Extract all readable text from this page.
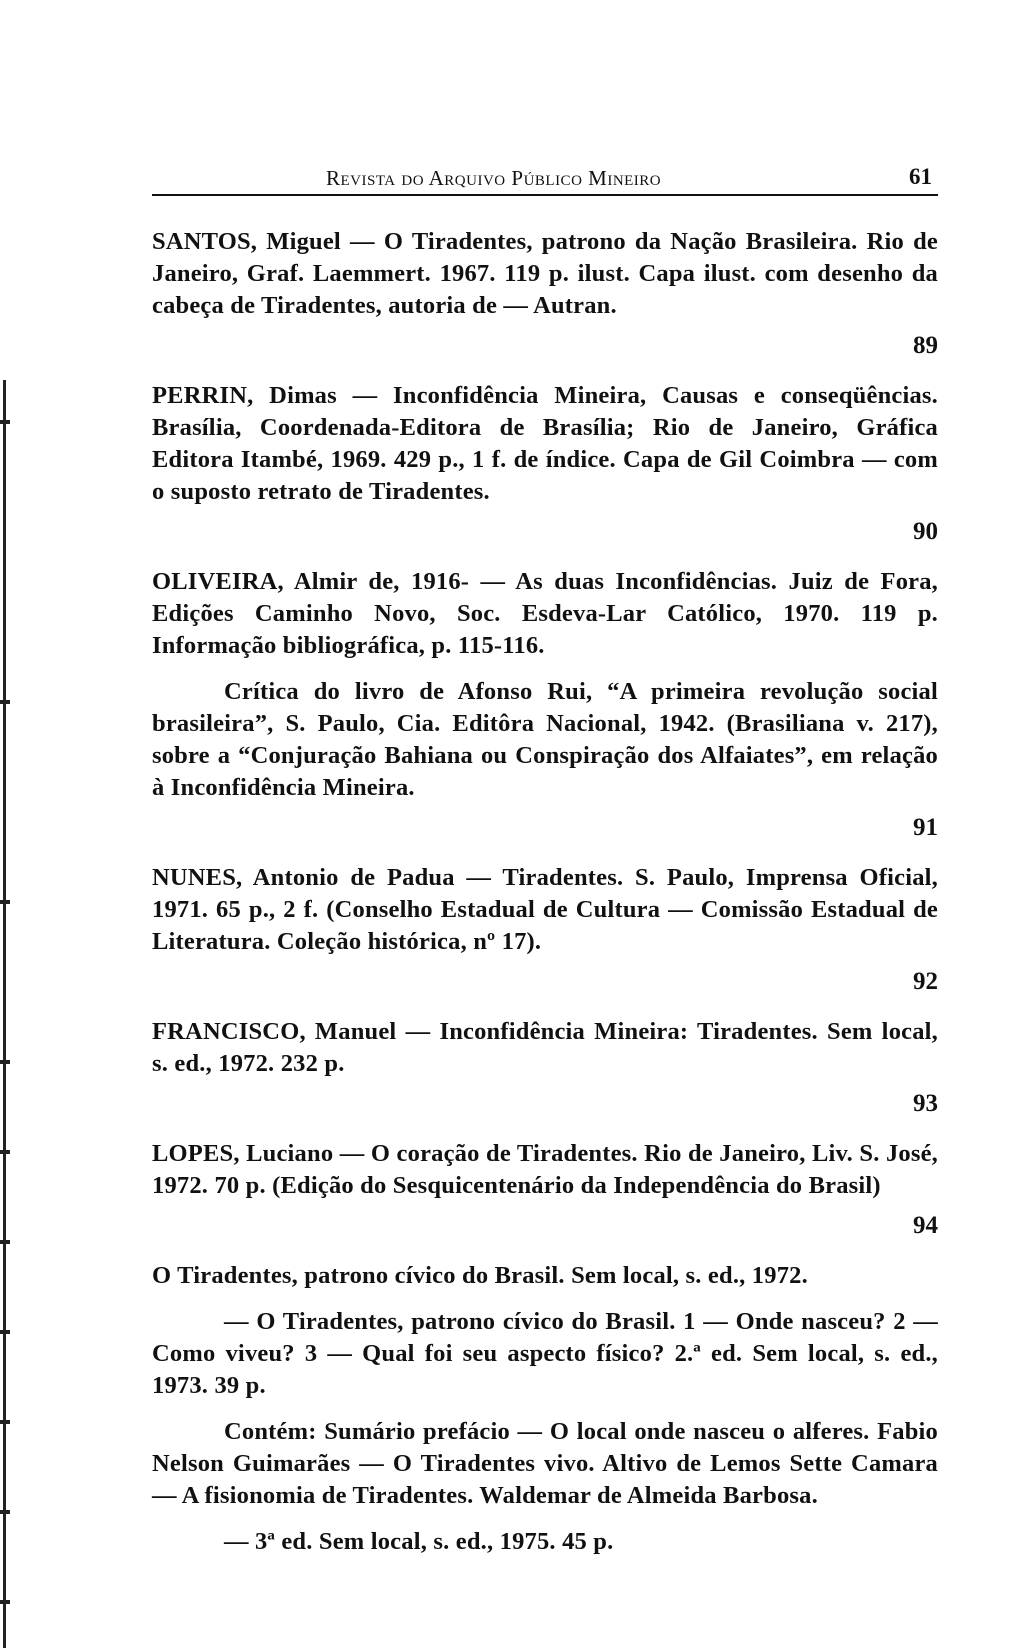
Revista do Arquivo Público Mineiro	61

SANTOS, Miguel — O Tiradentes, patrono da Nação Brasileira. Rio de Janeiro, Graf. Laemmert. 1967. 119 p. ilust. Capa ilust. com desenho da cabeça de Tiradentes, autoria de — Autran.

89

PERRIN, Dimas — Inconfidência Mineira, Causas e conseqüências. Brasília, Coordenada-Editora de Brasília; Rio de Janeiro, Gráfica Editora Itambé, 1969. 429 p., 1 f. de índice. Capa de Gil Coimbra — com o suposto retrato de Tiradentes.

90

OLIVEIRA, Almir de, 1916- — As duas Inconfidências. Juiz de Fora, Edições Caminho Novo, Soc. Esdeva-Lar Católico, 1970. 119 p. Informação bibliográfica, p. 115-116.

Crítica do livro de Afonso Rui, “A primeira revolução social brasileira”, S. Paulo, Cia. Editôra Nacional, 1942. (Brasiliana v. 217), sobre a “Conjuração Bahiana ou Conspiração dos Alfaiates”, em relação à Inconfidência Mineira.

91

NUNES, Antonio de Padua — Tiradentes. S. Paulo, Imprensa Oficial, 1971. 65 p., 2 f. (Conselho Estadual de Cultura — Comissão Estadual de Literatura. Coleção histórica, nº 17).

92

FRANCISCO, Manuel — Inconfidência Mineira: Tiradentes. Sem local, s. ed., 1972. 232 p.

93

LOPES, Luciano — O coração de Tiradentes. Rio de Janeiro, Liv. S. José, 1972. 70 p. (Edição do Sesquicentenário da Independência do Brasil)

94

O Tiradentes, patrono cívico do Brasil. Sem local, s. ed., 1972.

— O Tiradentes, patrono cívico do Brasil. 1 — Onde nasceu? 2 — Como viveu? 3 — Qual foi seu aspecto físico? 2.ª ed. Sem local, s. ed., 1973. 39 p.

Contém: Sumário prefácio — O local onde nasceu o alferes. Fabio Nelson Guimarães — O Tiradentes vivo. Altivo de Lemos Sette Camara — A fisionomia de Tiradentes. Waldemar de Almeida Barbosa.

— 3ª ed. Sem local, s. ed., 1975. 45 p.
